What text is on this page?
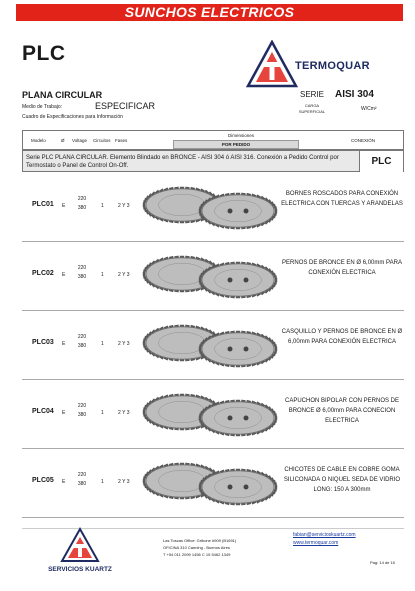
SUNCHOS ELECTRICOS
PLC
TERMOQUAR
PLANA CIRCULAR	SERIE AISI 304
Medio de Trabajo:	ESPECIFICAR
Cuadro de Especificaciones para Información
CARGA SUPERFICIAL	W/Cm²
Modelo	Ø Voltage Circuitos Fases
Dimensiones
CONEXIÓN
POR PEDIDO
Serie PLC PLANA CIRCULAR. Elemento Blindado en BRONCE - AISI 304 ó AISI 316. Conexión a Pedido Control por Termostato o Panel de Control On-Off.	PLC
PLC01 E
220
380	1	2 Y 3
BORNES ROSCADOS PARA CONEXIÓN ELECTRICA CON TUERCAS Y ARANDELAS
PLC02 E
220
380	1	2 Y 3
PERNOS DE BRONCE EN Ø 6,00mm PARA CONEXIÓN ELECTRICA
PLC03 E
220
380	1	2 Y 3
CASQUILLO Y PERNOS DE BRONCE EN Ø 6,00mm PARA CONEXIÓN ELECTRICA
PLC04 E
220
380	1	2 Y 3
CAPUCHON BIPOLAR CON PERNOS DE BRONCE Ø 6,00mm PARA CONECION ELECTRICA
PLC05 E
220
380	1	2 Y 3
CHICOTES DE CABLE EN COBRE GOMA SILICONADA O NIQUEL SEDA DE VIDRIO LONG: 150 A 300mm
SERVICIOS KUARTZ
Las Toscas Office: Gribone #909 (B1691)
OFICINA 310 Canning - Buenos Aires
T +54 011 2099 1456 C 15 5462 1349
fabian@servicioskuartz.com
www.termoquar.com
Pag: 14 de 15
